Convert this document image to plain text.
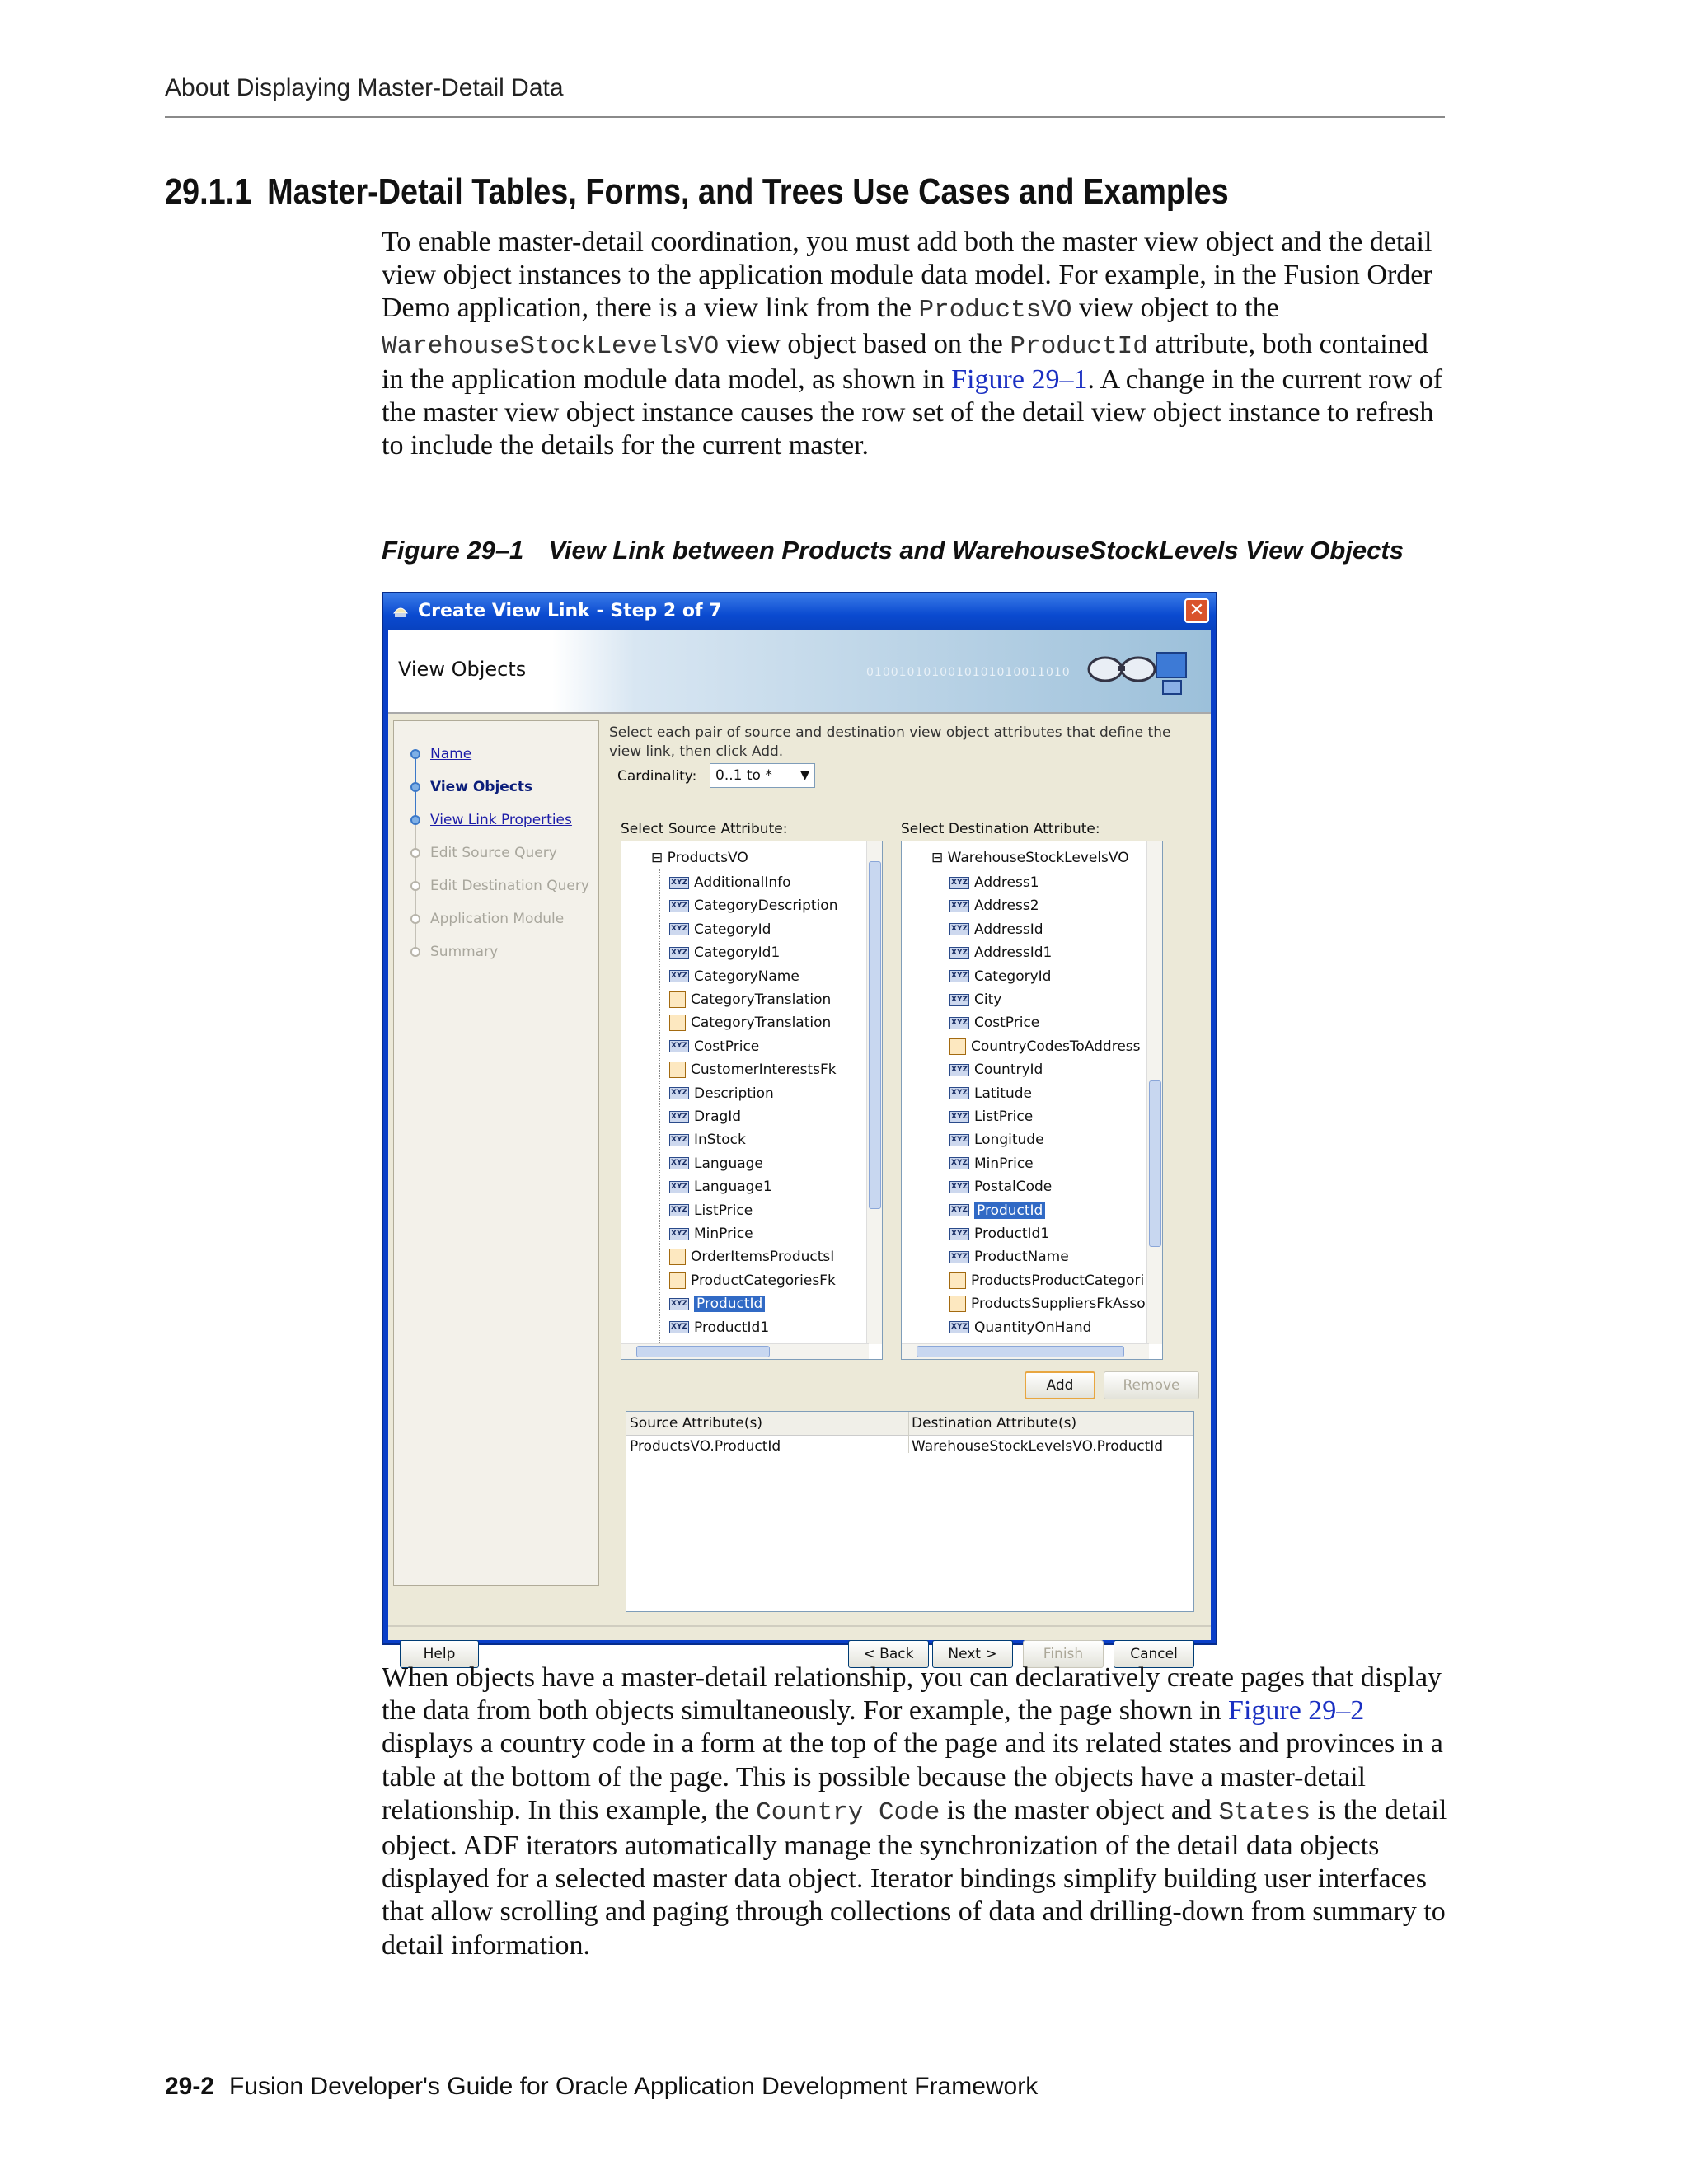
About Displaying Master-Detail Data
29.1.1 Master-Detail Tables, Forms, and Trees Use Cases and Examples
To enable master-detail coordination, you must add both the master view object and the detail view object instances to the application module data model. For example, in the Fusion Order Demo application, there is a view link from the ProductsVO view object to the WarehouseStockLevelsVO view object based on the ProductId attribute, both contained in the application module data model, as shown in Figure 29–1. A change in the current row of the master view object instance causes the row set of the detail view object instance to refresh to include the details for the current master.
Figure 29–1 View Link between Products and WarehouseStockLevels View Objects
Create View Link - Step 2 of 7	✕
View Objects	0100101010010101010011010
Name
View Objects
View Link Properties
Edit Source Query
Edit Destination Query
Application Module
Summary
Select each pair of source and destination view object attributes that define the view link, then click Add.
Cardinality:	0..1 to * ▼
Select Source Attribute:	Select Destination Attribute:
⊟ ProductsVO
XYZ AdditionalInfo
XYZ CategoryDescription
XYZ CategoryId
XYZ CategoryId1
XYZ CategoryName
CategoryTranslation
CategoryTranslation
XYZ CostPrice
CustomerInterestsFk
XYZ Description
XYZ DragId
XYZ InStock
XYZ Language
XYZ Language1
XYZ ListPrice
XYZ MinPrice
OrderItemsProductsI
ProductCategoriesFk
XYZ ProductId
XYZ ProductId1
⊟ WarehouseStockLevelsVO
XYZ Address1
XYZ Address2
XYZ AddressId
XYZ AddressId1
XYZ CategoryId
XYZ City
XYZ CostPrice
CountryCodesToAddress
XYZ CountryId
XYZ Latitude
XYZ ListPrice
XYZ Longitude
XYZ MinPrice
XYZ PostalCode
XYZ ProductId
XYZ ProductId1
XYZ ProductName
ProductsProductCategori
ProductsSuppliersFkAsso
XYZ QuantityOnHand
Add	Remove
Source Attribute(s)	Destination Attribute(s)
ProductsVO.ProductId	WarehouseStockLevelsVO.ProductId
Help	< Back	Next >	Finish	Cancel
When objects have a master-detail relationship, you can declaratively create pages that display the data from both objects simultaneously. For example, the page shown in Figure 29–2 displays a country code in a form at the top of the page and its related states and provinces in a table at the bottom of the page. This is possible because the objects have a master-detail relationship. In this example, the Country Code is the master object and States is the detail object. ADF iterators automatically manage the synchronization of the detail data objects displayed for a selected master data object. Iterator bindings simplify building user interfaces that allow scrolling and paging through collections of data and drilling-down from summary to detail information.
29-2 Fusion Developer's Guide for Oracle Application Development Framework
